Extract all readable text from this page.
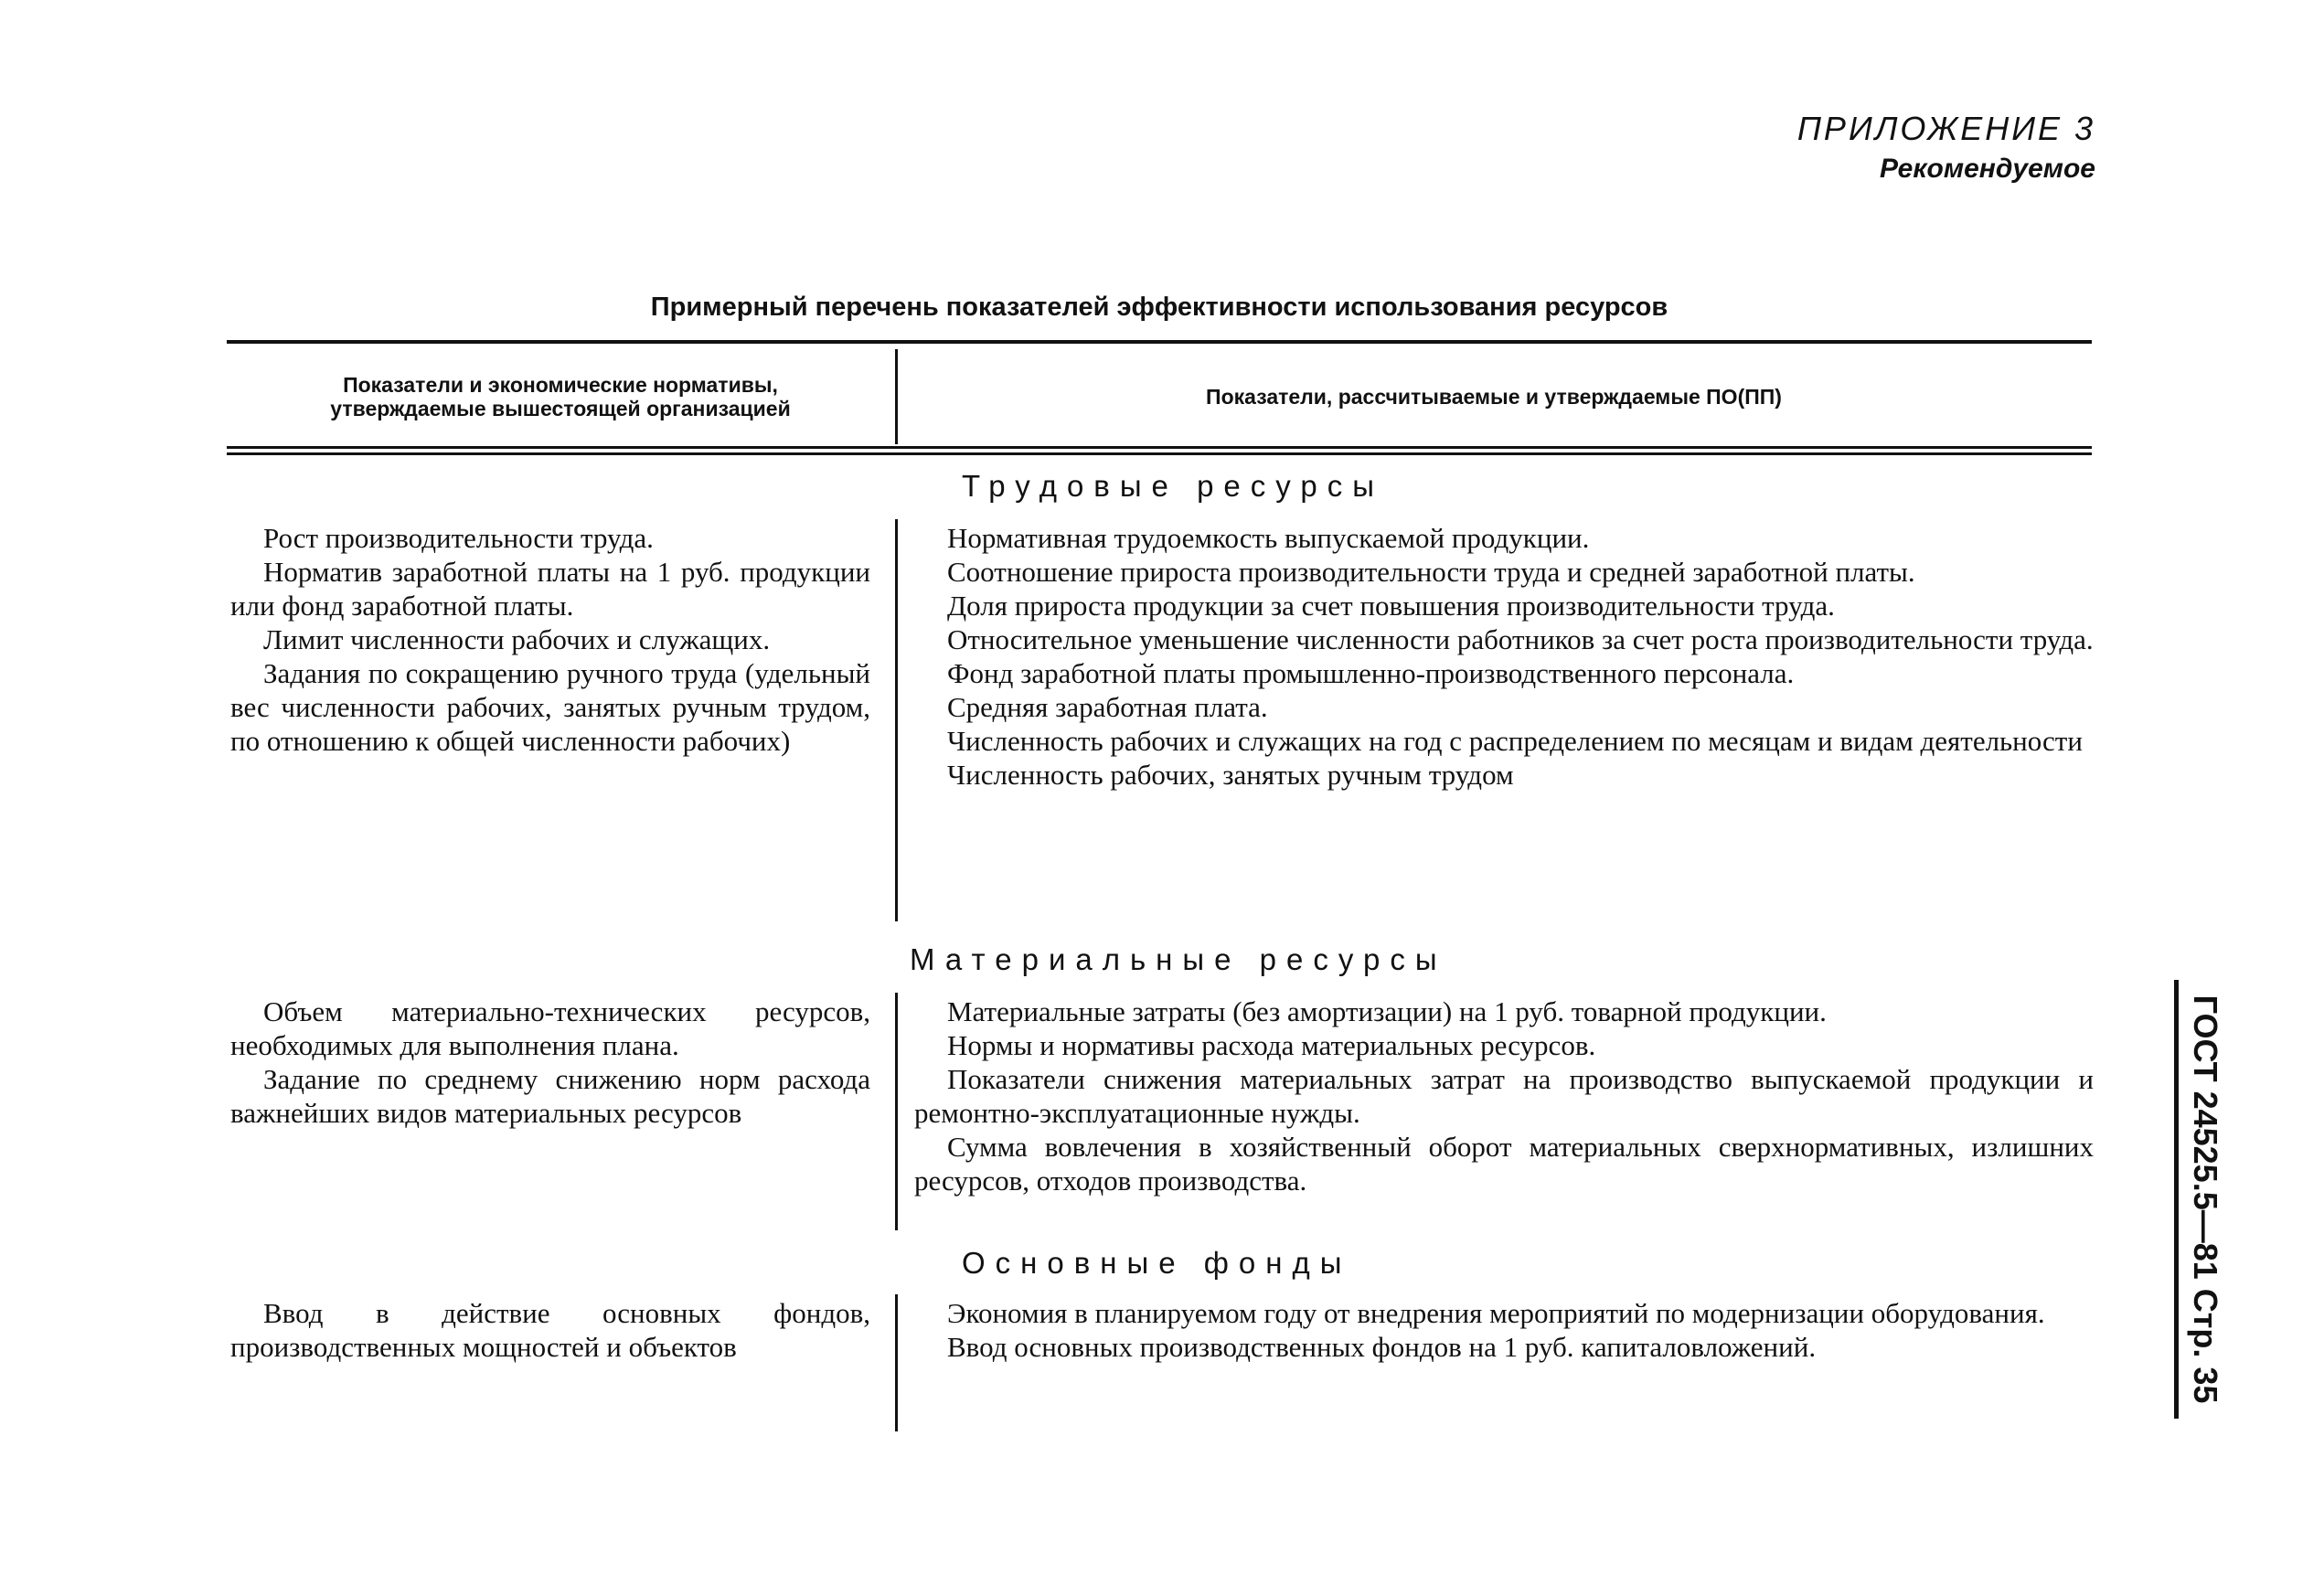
ПРИЛОЖЕНИЕ 3
Рекомендуемое
Примерный перечень показателей эффективности использования ресурсов
Показатели и экономические нормативы,
утверждаемые вышестоящей организацией
Показатели, рассчитываемые и утверждаемые ПО(ПП)
Трудовые ресурсы

Рост производительности труда.

Норматив заработной платы на 1 руб. продукции или фонд заработной платы.

Лимит численности рабочих и служащих.

Задания по сокращению ручного труда (удельный вес численности рабочих, занятых ручным трудом, по отношению к общей численности рабочих)

Нормативная трудоемкость выпускаемой продукции.

Соотношение прироста производительности труда и средней заработной платы.

Доля прироста продукции за счет повышения производительности труда.

Относительное уменьшение численности работников за счет роста производительности труда.

Фонд заработной платы промышленно-производственного персонала.

Средняя заработная плата.

Численность рабочих и служащих на год с распределением по месяцам и видам деятельности

Численность рабочих, занятых ручным трудом

Материальные ресурсы

Объем материально-технических ресурсов, необходимых для выполнения плана.

Задание по среднему снижению норм расхода важнейших видов материальных ресурсов

Материальные затраты (без амортизации) на 1 руб. товарной продукции.

Нормы и нормативы расхода материальных ресурсов.

Показатели снижения материальных затрат на производство выпускаемой продукции и ремонтно-эксплуатационные нужды.

Сумма вовлечения в хозяйственный оборот материальных сверхнормативных, излишних ресурсов, отходов производства.

Основные фонды

Ввод в действие основных фондов, производственных мощностей и объектов

Экономия в планируемом году от внедрения мероприятий по модернизации оборудования.

Ввод основных производственных фондов на 1 руб. капиталовложений.	ГОСТ 24525.5—81 Стр. 35
